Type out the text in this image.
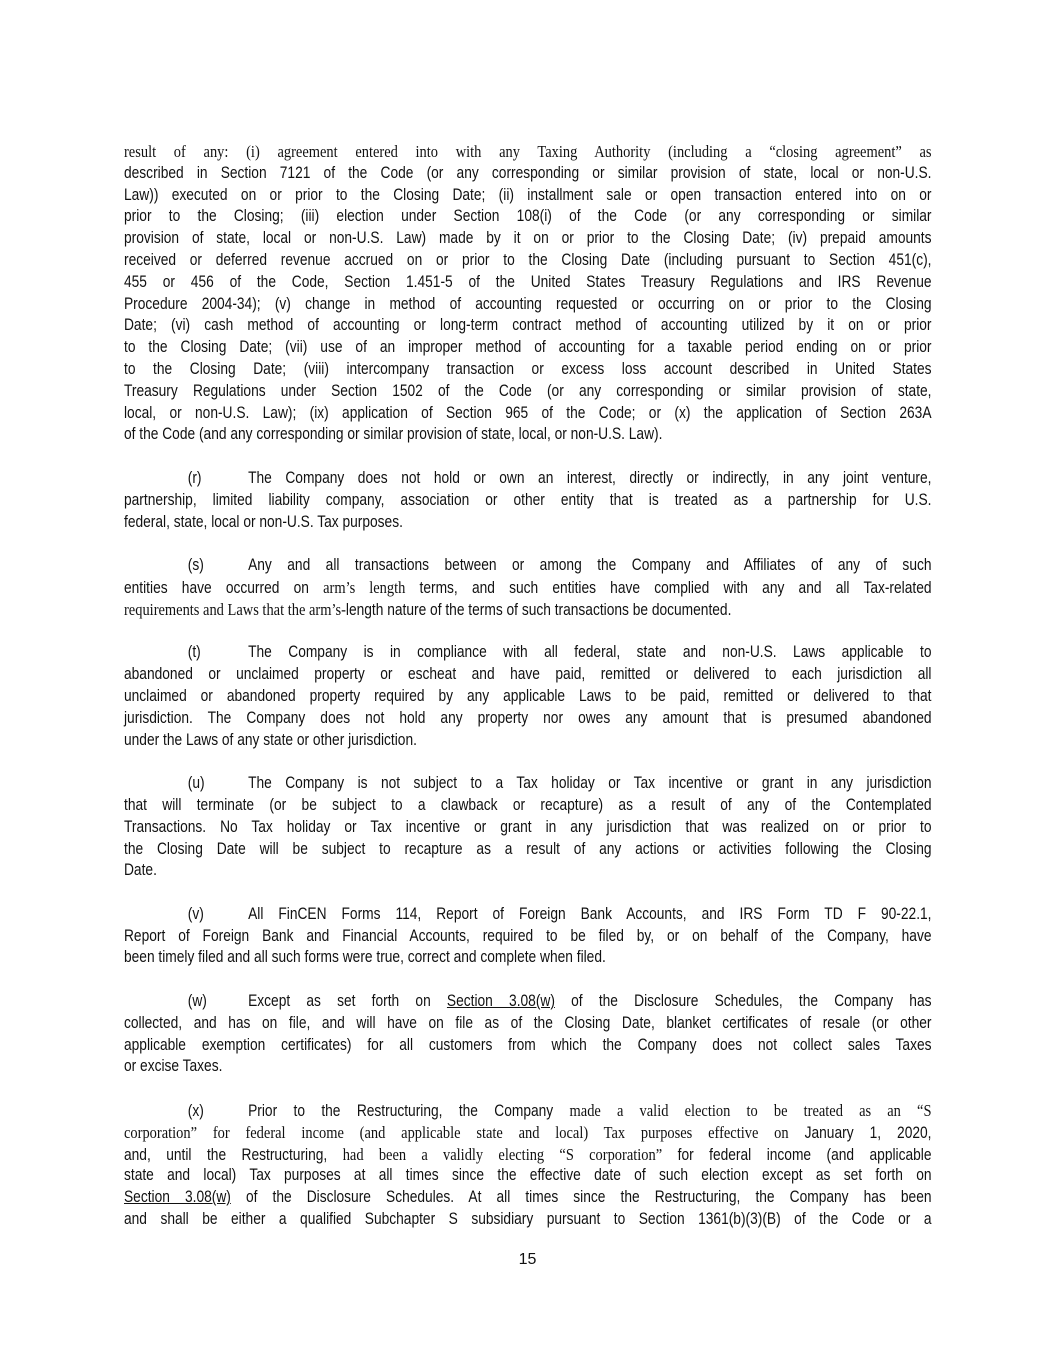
result of any: (i) agreement entered into with any Taxing Authority (including a “closing agreement” as
described in Section 7121 of the Code (or any corresponding or similar provision of state, local or non-U.S.
Law)) executed on or prior to the Closing Date; (ii) installment sale or open transaction entered into on or
prior to the Closing; (iii) election under Section 108(i) of the Code (or any corresponding or similar
provision of state, local or non-U.S. Law) made by it on or prior to the Closing Date; (iv) prepaid amounts
received or deferred revenue accrued on or prior to the Closing Date (including pursuant to Section 451(c),
455 or 456 of the Code, Section 1.451-5 of the United States Treasury Regulations and IRS Revenue
Procedure 2004-34); (v) change in method of accounting requested or occurring on or prior to the Closing
Date; (vi) cash method of accounting or long-term contract method of accounting utilized by it on or prior
to the Closing Date; (vii) use of an improper method of accounting for a taxable period ending on or prior
to the Closing Date; (viii) intercompany transaction or excess loss account described in United States
Treasury Regulations under Section 1502 of the Code (or any corresponding or similar provision of state,
local, or non-U.S. Law); (ix) application of Section 965 of the Code; or (x) the application of Section 263A
of the Code (and any corresponding or similar provision of state, local, or non-U.S. Law).
(r)	The Company does not hold or own an interest, directly or indirectly, in any joint venture,
partnership, limited liability company, association or other entity that is treated as a partnership for U.S.
federal, state, local or non-U.S. Tax purposes.
(s)	Any and all transactions between or among the Company and Affiliates of any of such
entities have occurred on arm’s length terms, and such entities have complied with any and all Tax-related
requirements and Laws that the arm’s-length nature of the terms of such transactions be documented.
(t)	The Company is in compliance with all federal, state and non-U.S. Laws applicable to
abandoned or unclaimed property or escheat and have paid, remitted or delivered to each jurisdiction all
unclaimed or abandoned property required by any applicable Laws to be paid, remitted or delivered to that
jurisdiction. The Company does not hold any property nor owes any amount that is presumed abandoned
under the Laws of any state or other jurisdiction.
(u)	The Company is not subject to a Tax holiday or Tax incentive or grant in any jurisdiction
that will terminate (or be subject to a clawback or recapture) as a result of any of the Contemplated
Transactions. No Tax holiday or Tax incentive or grant in any jurisdiction that was realized on or prior to
the Closing Date will be subject to recapture as a result of any actions or activities following the Closing
Date.
(v)	All FinCEN Forms 114, Report of Foreign Bank Accounts, and IRS Form TD F 90-22.1,
Report of Foreign Bank and Financial Accounts, required to be filed by, or on behalf of the Company, have
been timely filed and all such forms were true, correct and complete when filed.
(w)	Except as set forth on Section 3.08(w) of the Disclosure Schedules, the Company has
collected, and has on file, and will have on file as of the Closing Date, blanket certificates of resale (or other
applicable exemption certificates) for all customers from which the Company does not collect sales Taxes
or excise Taxes.
(x)	Prior to the Restructuring, the Company made a valid election to be treated as an “S
corporation” for federal income (and applicable state and local) Tax purposes effective on January 1, 2020,
and, until the Restructuring, had been a validly electing “S corporation” for federal income (and applicable
state and local) Tax purposes at all times since the effective date of such election except as set forth on
Section 3.08(w) of the Disclosure Schedules. At all times since the Restructuring, the Company has been
and shall be either a qualified Subchapter S subsidiary pursuant to Section 1361(b)(3)(B) of the Code or a
15
